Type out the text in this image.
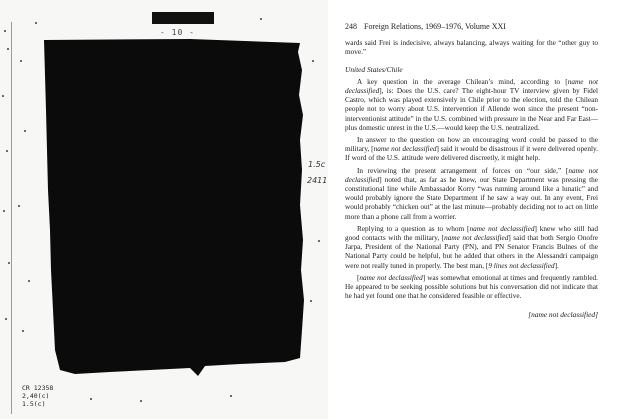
- 10 -
1.5c
2411
CR 12358
2,40(c)
1.5(c)
248 Foreign Relations, 1969–1976, Volume XXI

wards said Frei is indecisive, always balancing, always waiting for the “other guy to move.”

United States/Chile

A key question in the average Chilean’s mind, according to [name not declassified], is: Does the U.S. care? The eight-hour TV interview given by Fidel Castro, which was played extensively in Chile prior to the election, told the Chilean people not to worry about U.S. intervention if Allende won since the present “non-interventionist attitude” in the U.S. combined with pressure in the Near and Far East—plus domestic unrest in the U.S.—would keep the U.S. neutralized.

In answer to the question on how an encouraging word could be passed to the military, [name not declassified] said it would be disastrous if it were delivered openly. If word of the U.S. attitude were delivered discreetly, it might help.

In reviewing the present arrangement of forces on “our side,” [name not declassified] noted that, as far as he knew, our State Department was pressing the constitutional line while Ambassador Korry “was running around like a lunatic” and would probably ignore the State Department if he saw a way out. In any event, Frei would probably “chicken out” at the last minute—probably deciding not to act on little more than a phone call from a worrier.

Replying to a question as to whom [name not declassified] knew who still had good contacts with the military, [name not declassified] said that both Sergio Onofre Jarpa, President of the National Party (PN), and PN Senator Francis Bulnes of the National Party could be helpful, but he added that others in the Alessandri campaign were not really tuned in properly. The best man, [9 lines not declassified].

[name not declassified] was somewhat emotional at times and frequently rambled. He appeared to be seeking possible solutions but his conversation did not indicate that he had yet found one that he considered feasible or effective.

[name not declassified]
